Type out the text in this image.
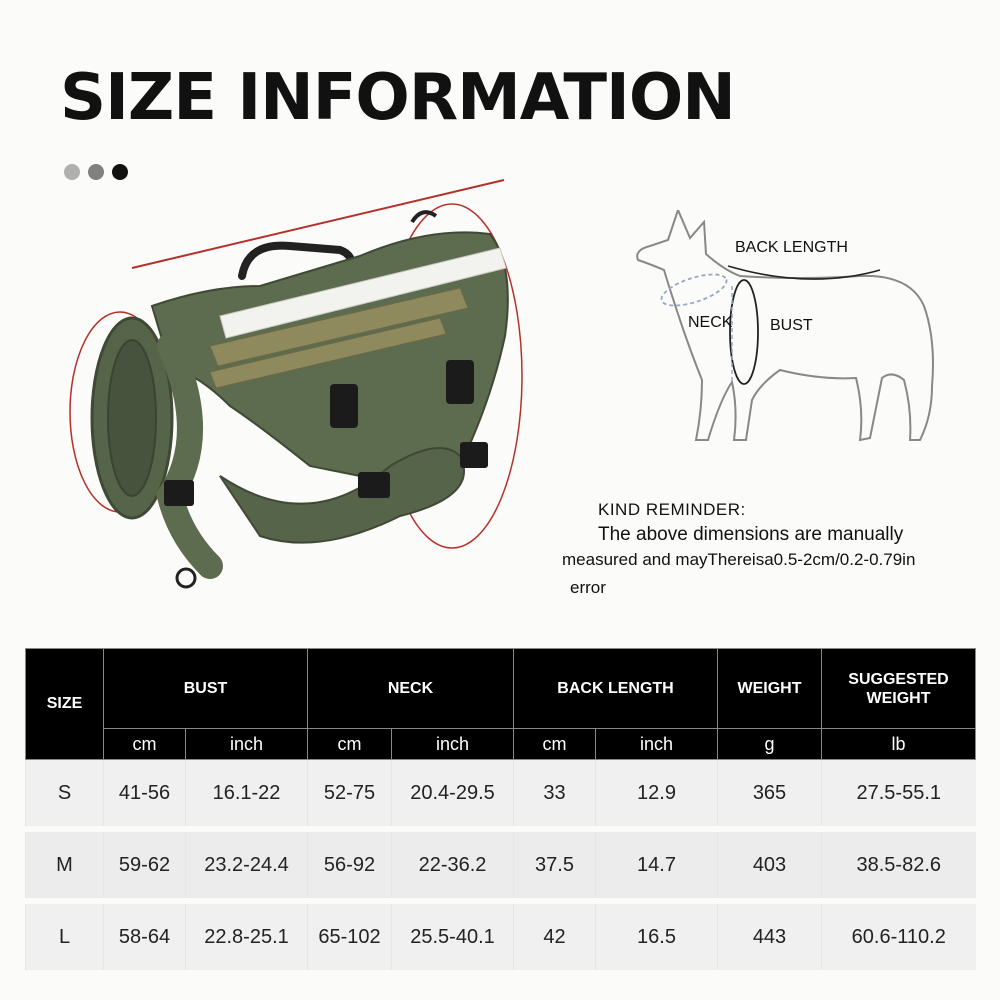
SIZE INFORMATION
BACK LENGTH
NECK BUST
KIND REMINDER:
The above dimensions are manually
measured and mayThereisa0.5-2cm/0.2-0.79in
error
SIZE	BUST		NECK		BACK LENGTH		WEIGHT	SUGGESTED WEIGHT
	cm	inch	cm	inch	cm	inch	g	lb
S	41-56	16.1-22	52-75	20.4-29.5	33	12.9	365	27.5-55.1
M	59-62	23.2-24.4	56-92	22-36.2	37.5	14.7	403	38.5-82.6
L	58-64	22.8-25.1	65-102	25.5-40.1	42	16.5	443	60.6-110.2
